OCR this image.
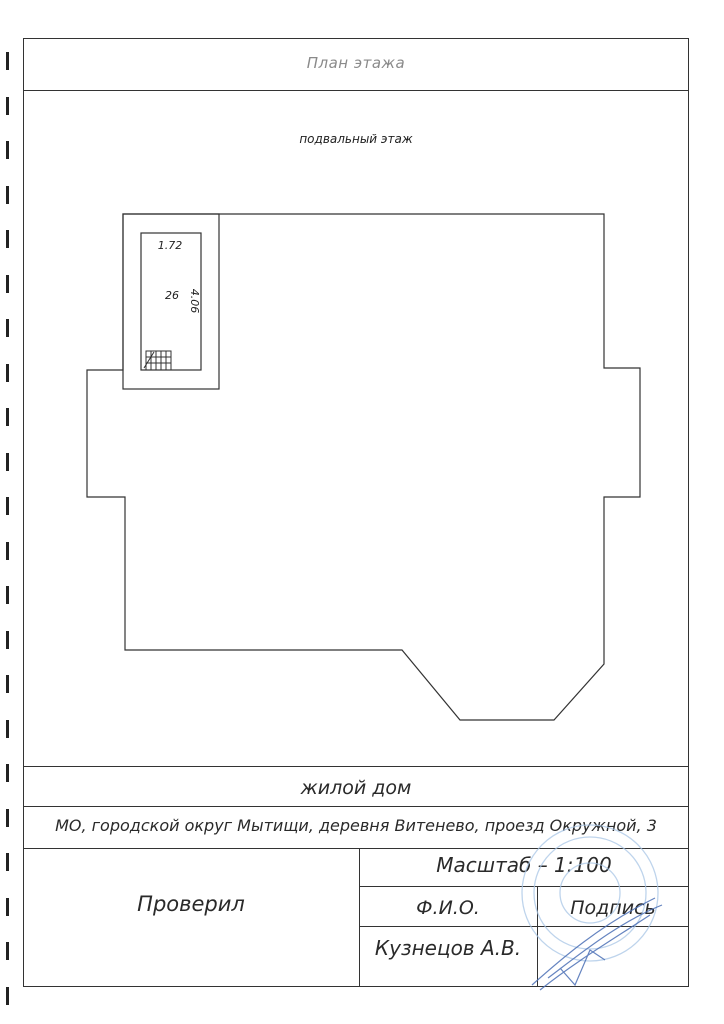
План этажа
подвальный этаж
1.72
26 4.06
жилой дом
МО, городской округ Мытищи, деревня Витенево, проезд Окружной, 3
Проверил
Масштаб – 1:100
Ф.И.О.	Подпись
Кузнецов А.В.
